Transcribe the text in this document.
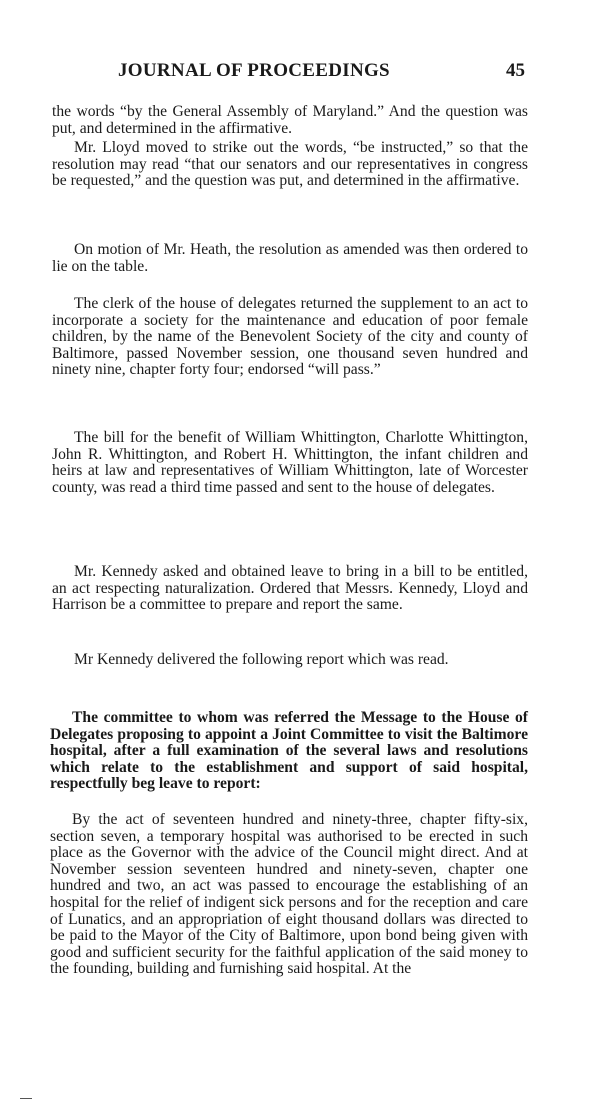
JOURNAL OF PROCEEDINGS	45

the words “by the General Assembly of Maryland.” And the question was put, and determined in the affirmative.

Mr. Lloyd moved to strike out the words, “be instructed,” so that the resolution may read “that our senators and our representatives in congress be requested,” and the question was put, and determined in the affirmative.

On motion of Mr. Heath, the resolution as amended was then ordered to lie on the table.

The clerk of the house of delegates returned the supplement to an act to incorporate a society for the maintenance and education of poor female children, by the name of the Benevolent Society of the city and county of Baltimore, passed November session, one thousand seven hundred and ninety nine, chapter forty four; endorsed “will pass.”

The bill for the benefit of William Whittington, Charlotte Whittington, John R. Whittington, and Robert H. Whittington, the infant children and heirs at law and representatives of William Whittington, late of Worcester county, was read a third time passed and sent to the house of delegates.

Mr. Kennedy asked and obtained leave to bring in a bill to be entitled, an act respecting naturalization. Ordered that Messrs. Kennedy, Lloyd and Harrison be a committee to prepare and report the same.

Mr Kennedy delivered the following report which was read.

The committee to whom was referred the Message to the House of Delegates proposing to appoint a Joint Committee to visit the Baltimore hospital, after a full examination of the several laws and resolutions which relate to the establishment and support of said hospital, respectfully beg leave to report:

By the act of seventeen hundred and ninety-three, chapter fifty-six, section seven, a temporary hospital was authorised to be erected in such place as the Governor with the advice of the Council might direct. And at November session seventeen hundred and ninety-seven, chapter one hundred and two, an act was passed to encourage the establishing of an hospital for the relief of indigent sick persons and for the reception and care of Lunatics, and an appropriation of eight thousand dollars was directed to be paid to the Mayor of the City of Baltimore, upon bond being given with good and sufficient security for the faithful application of the said money to the founding, building and furnishing said hospital. At the
